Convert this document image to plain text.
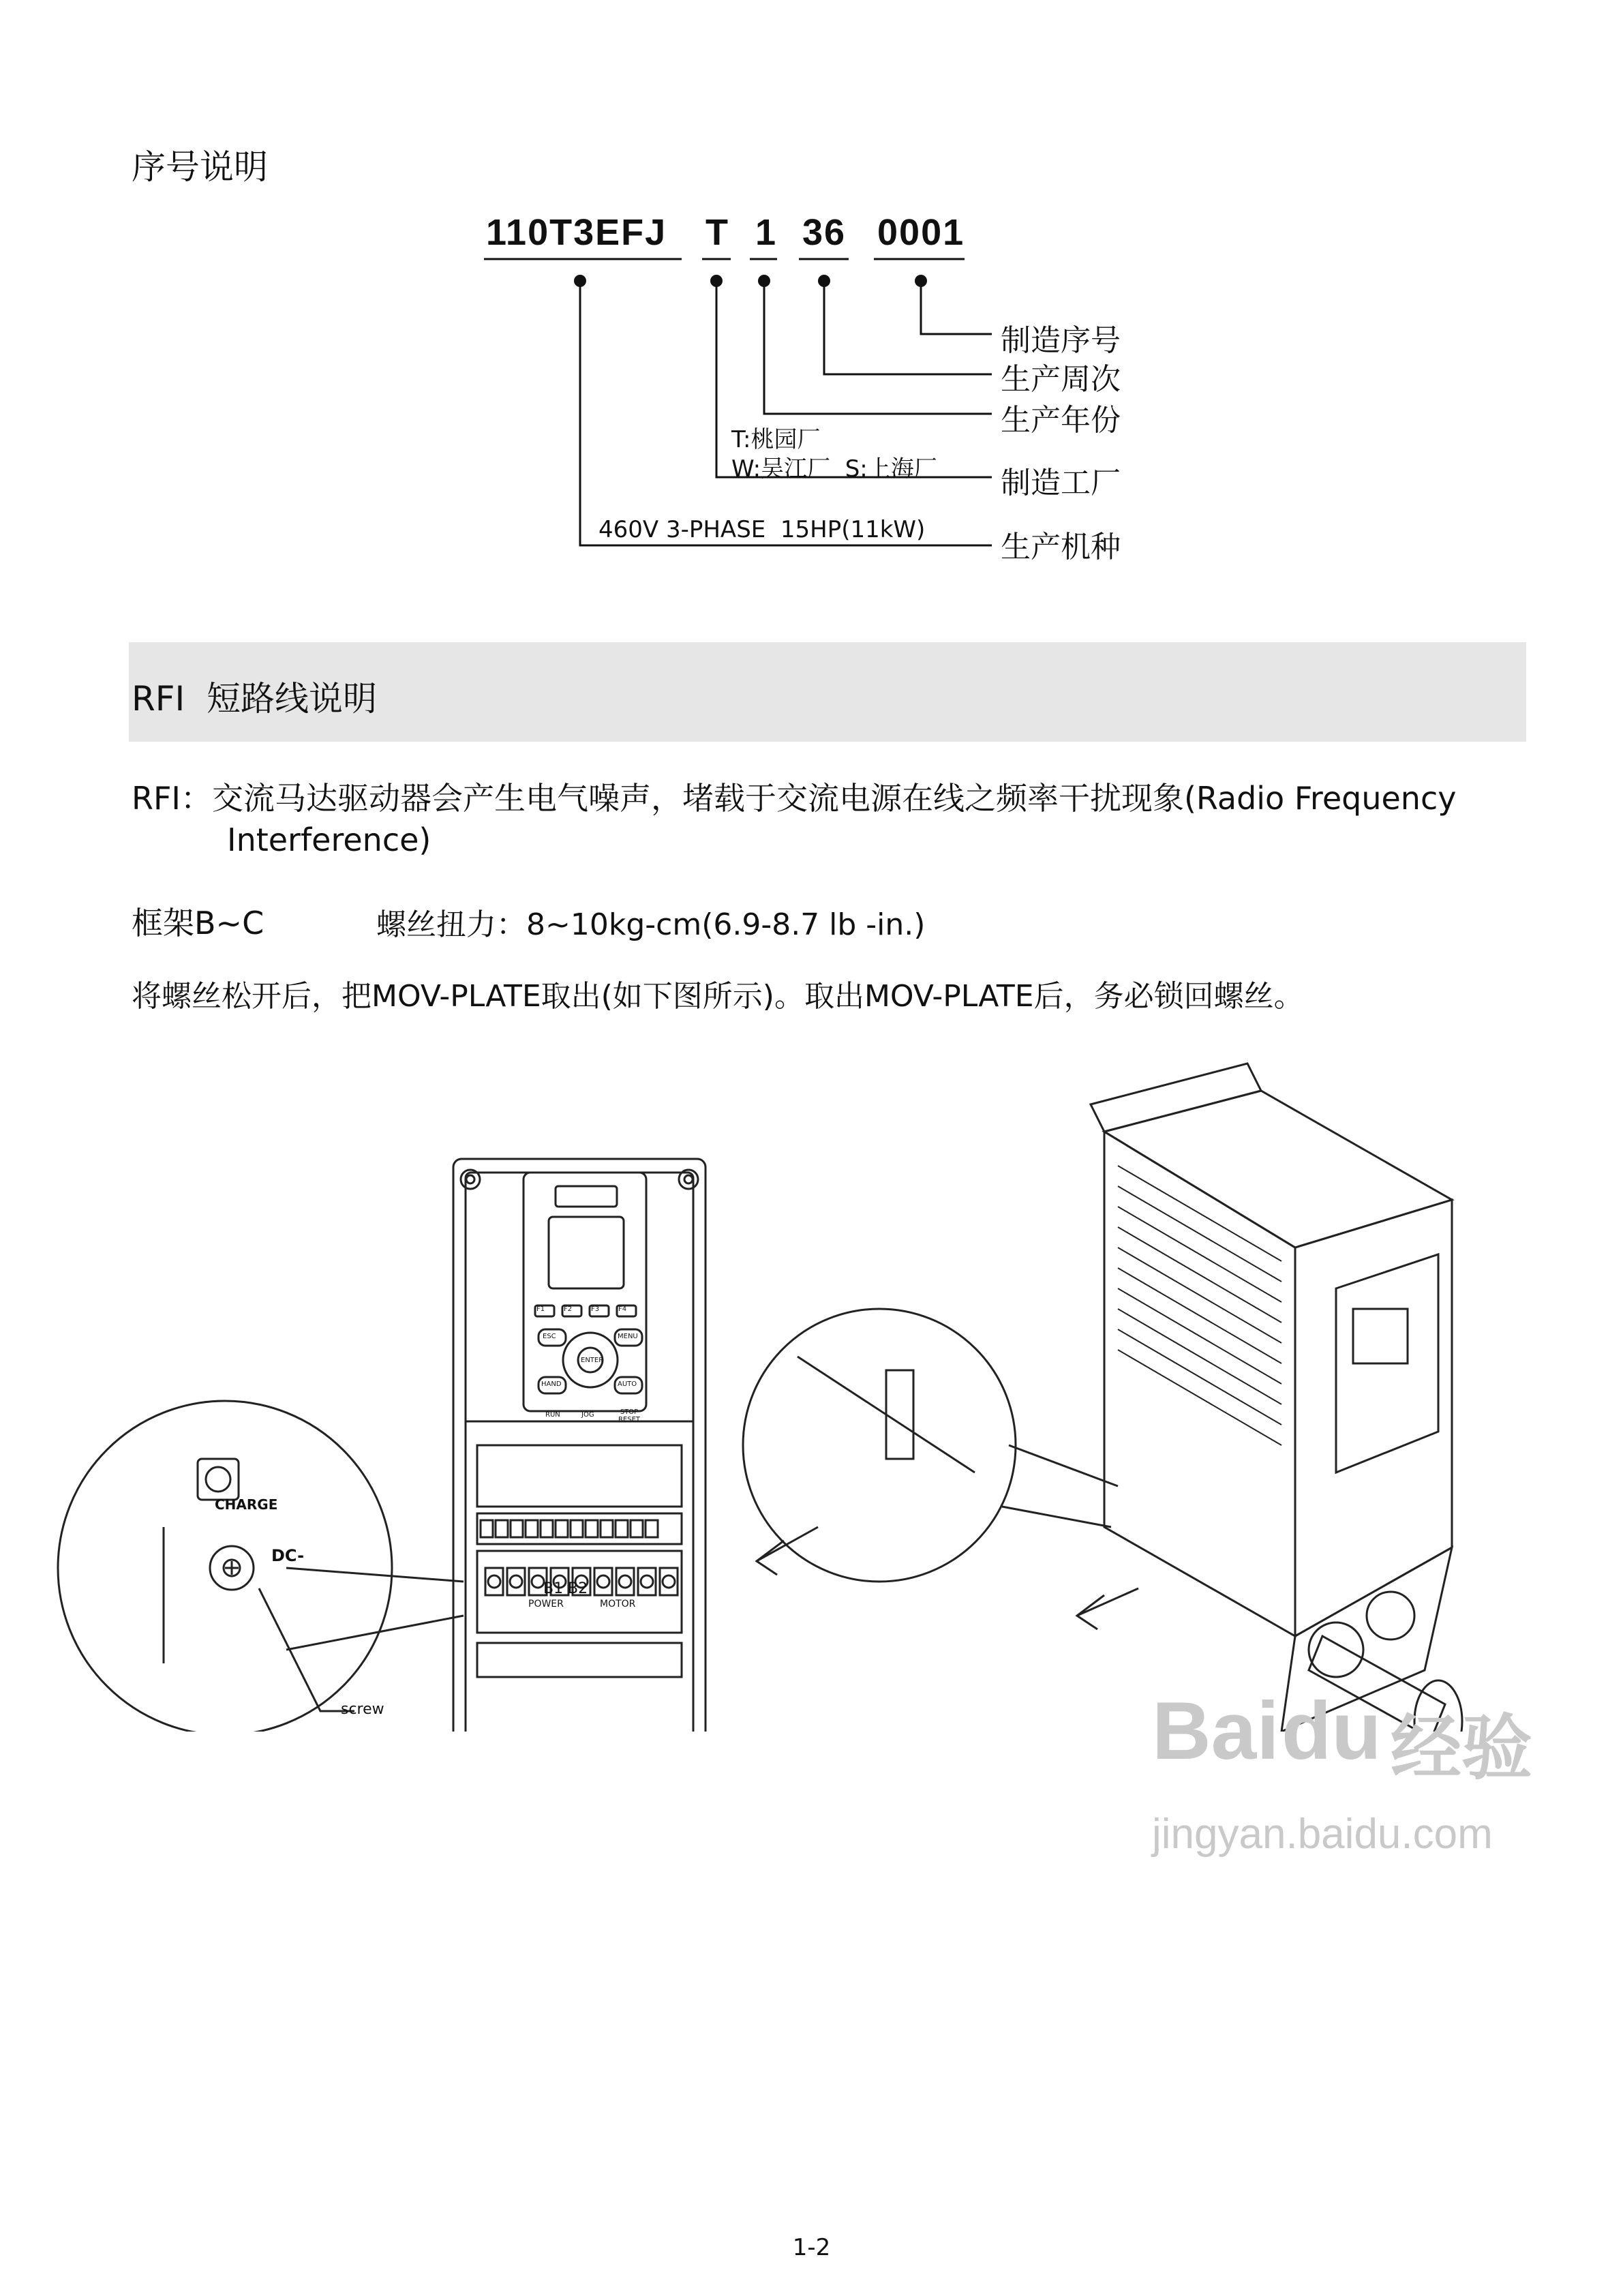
序号说明
110T3EFJ T 1 36 0001
制造序号
生产周次
生产年份
制造工厂
生产机种
T:桃园厂
W:吴江厂  S:上海厂
460V 3-PHASE  15HP(11kW)
RFI  短路线说明
RFI：交流马达驱动器会产生电气噪声，堵载于交流电源在线之频率干扰现象(Radio Frequency
Interference)
框架B~C	螺丝扭力：8~10kg-cm(6.9-8.7 lb -in.)
将螺丝松开后，把MOV-PLATE取出(如下图所示)。取出MOV-PLATE后，务必锁回螺丝。
CHARGE
DC-
B1 B2
POWER	MOTOR
screw
F1	F2	F3	F4
ESC	MENU
ENTER
HAND	AUTO
RUN	JOG	STOP RESET
Bai du 经验
jingyan.baidu.com
1-2
